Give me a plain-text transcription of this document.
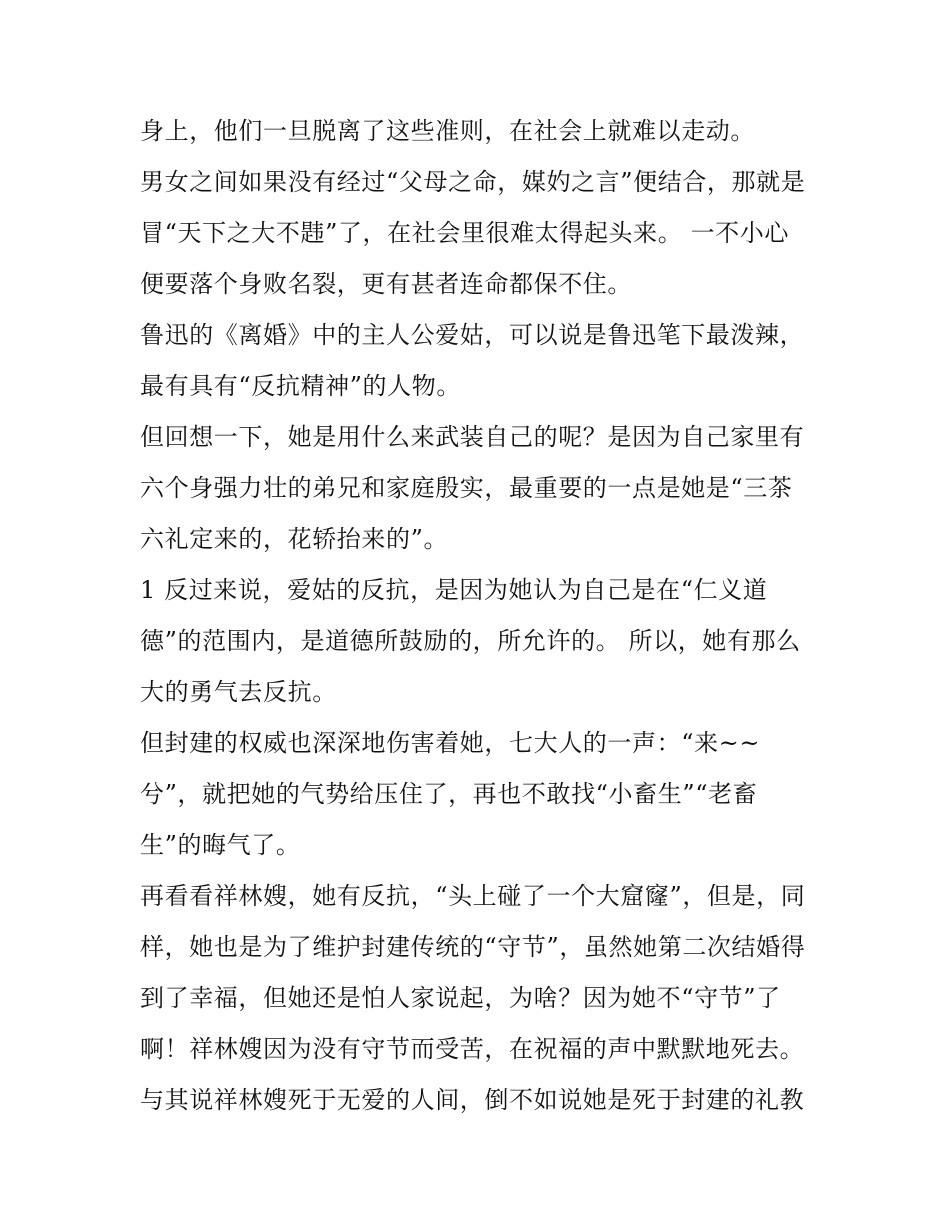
身上，他们一旦脱离了这些准则，在社会上就难以走动。
男女之间如果没有经过“父母之命，媒妁之言”便结合，那就是
冒“天下之大不韪”了，在社会里很难太得起头来。 一不小心
便要落个身败名裂，更有甚者连命都保不住。
鲁迅的《离婚》中的主人公爱姑，可以说是鲁迅笔下最泼辣，
最有具有“反抗精神”的人物。
但回想一下，她是用什么来武装自己的呢？是因为自己家里有
六个身强力壮的弟兄和家庭殷实，最重要的一点是她是“三茶
六礼定来的，花轿抬来的”。
1 反过来说，爱姑的反抗，是因为她认为自己是在“仁义道
德”的范围内，是道德所鼓励的，所允许的。 所以，她有那么
大的勇气去反抗。
但封建的权威也深深地伤害着她，七大人的一声：“来~~
兮”，就把她的气势给压住了，再也不敢找“小畜生”“老畜
生”的晦气了。
再看看祥林嫂，她有反抗，“头上碰了一个大窟窿”，但是，同
样，她也是为了维护封建传统的“守节”，虽然她第二次结婚得
到了幸福，但她还是怕人家说起，为啥？因为她不“守节”了
啊！祥林嫂因为没有守节而受苦，在祝福的声中默默地死去。
与其说祥林嫂死于无爱的人间，倒不如说她是死于封建的礼教
